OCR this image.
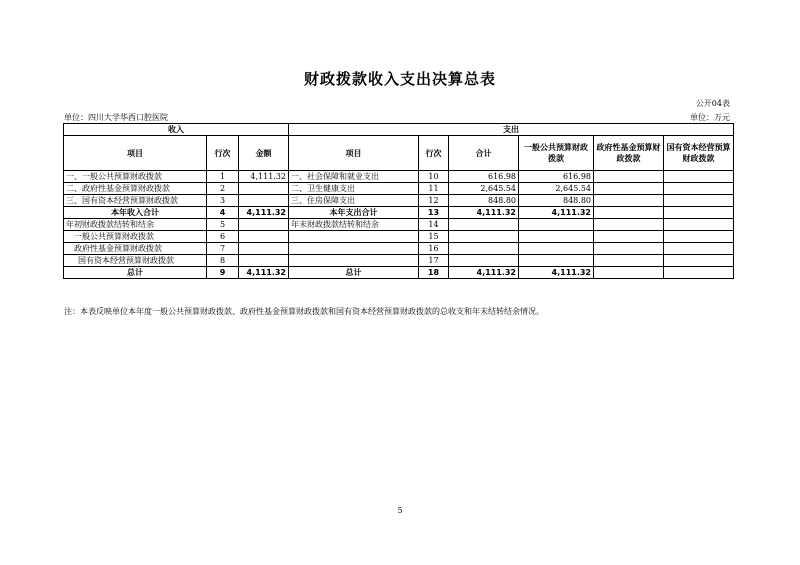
财政拨款收入支出决算总表
公开04表
单位：四川大学华西口腔医院	单位：万元
收入			支出					
项目	行次	金额	项目	行次	合计	一般公共预算财政拨款	政府性基金预算财政拨款	国有资本经营预算财政拨款
一、一般公共预算财政拨款	1	4,111.32	一、社会保障和就业支出	10	616.98	616.98		
二、政府性基金预算财政拨款	2		二、卫生健康支出	11	2,645.54	2,645.54		
三、国有资本经营预算财政拨款	3		三、住房保障支出	12	848.80	848.80		
本年收入合计	4	4,111.32	本年支出合计	13	4,111.32	4,111.32		
年初财政拨款结转和结余	5		年末财政拨款结转和结余	14				
一般公共预算财政拨款	6			15				
政府性基金预算财政拨款	7			16				
国有资本经营预算财政拨款	8			17				
总计	9	4,111.32	总计	18	4,111.32	4,111.32		
注：本表反映单位本年度一般公共预算财政拨款、政府性基金预算财政拨款和国有资本经营预算财政拨款的总收支和年末结转结余情况。
5
